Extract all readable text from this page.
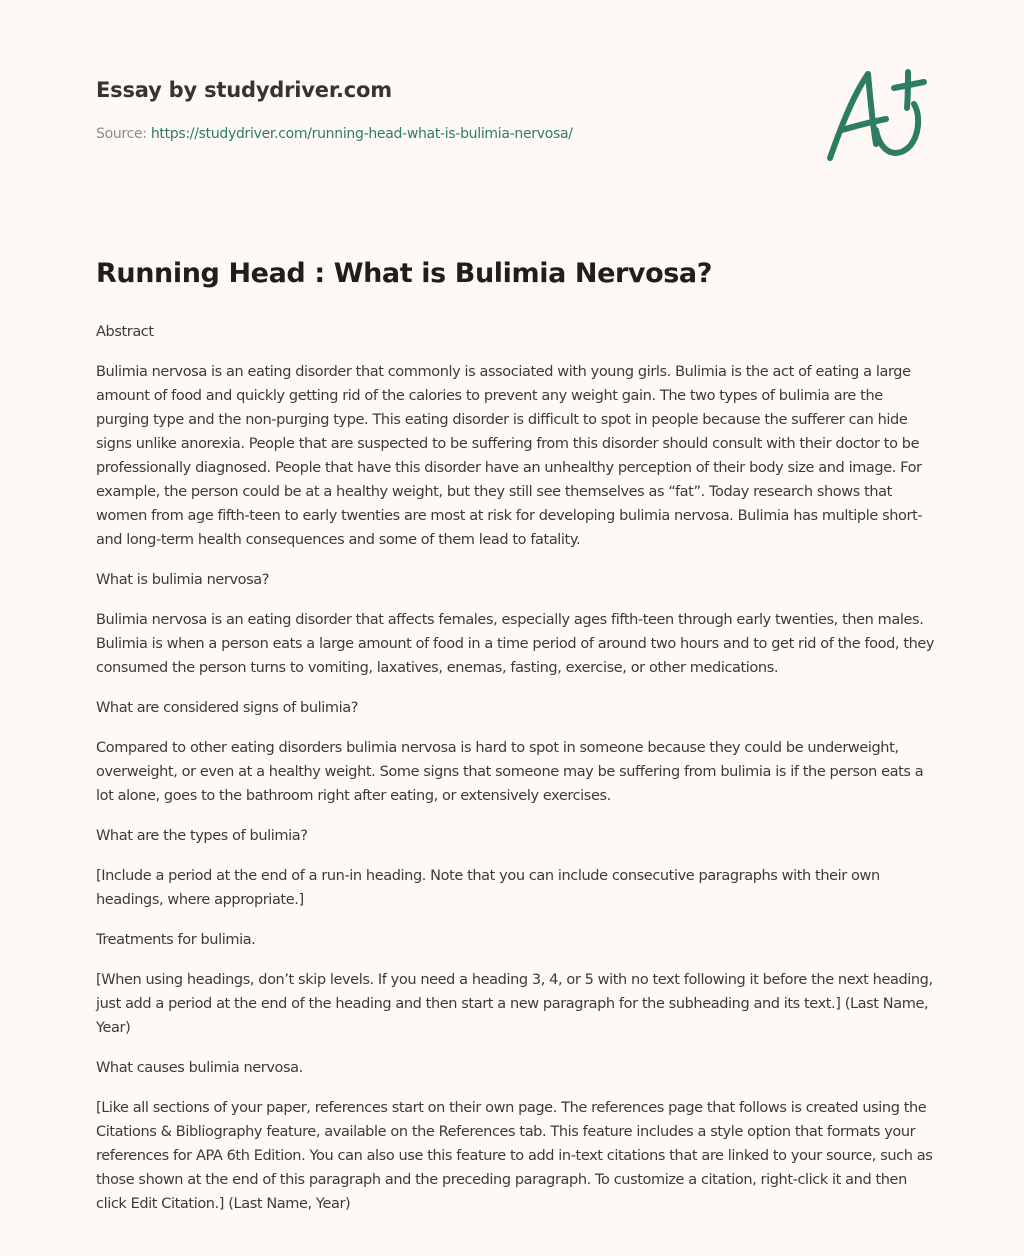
Essay by studydriver.com
Source: https://studydriver.com/running-head-what-is-bulimia-nervosa/
Running Head : What is Bulimia Nervosa?

Abstract

Bulimia nervosa is an eating disorder that commonly is associated with young girls. Bulimia is the act of eating a large amount of food and quickly getting rid of the calories to prevent any weight gain. The two types of bulimia are the purging type and the non-purging type. This eating disorder is difficult to spot in people because the sufferer can hide signs unlike anorexia. People that are suspected to be suffering from this disorder should consult with their doctor to be professionally diagnosed. People that have this disorder have an unhealthy perception of their body size and image. For example, the person could be at a healthy weight, but they still see themselves as “fat”. Today research shows that women from age fifth-teen to early twenties are most at risk for developing bulimia nervosa. Bulimia has multiple short- and long-term health consequences and some of them lead to fatality.

What is bulimia nervosa?

Bulimia nervosa is an eating disorder that affects females, especially ages fifth-teen through early twenties, then males. Bulimia is when a person eats a large amount of food in a time period of around two hours and to get rid of the food, they consumed the person turns to vomiting, laxatives, enemas, fasting, exercise, or other medications.

What are considered signs of bulimia?

Compared to other eating disorders bulimia nervosa is hard to spot in someone because they could be underweight, overweight, or even at a healthy weight. Some signs that someone may be suffering from bulimia is if the person eats a lot alone, goes to the bathroom right after eating, or extensively exercises.

What are the types of bulimia?

[Include a period at the end of a run-in heading. Note that you can include consecutive paragraphs with their own headings, where appropriate.]

Treatments for bulimia.

[When using headings, don’t skip levels. If you need a heading 3, 4, or 5 with no text following it before the next heading, just add a period at the end of the heading and then start a new paragraph for the subheading and its text.] (Last Name, Year)

What causes bulimia nervosa.

[Like all sections of your paper, references start on their own page. The references page that follows is created using the Citations & Bibliography feature, available on the References tab. This feature includes a style option that formats your references for APA 6th Edition. You can also use this feature to add in-text citations that are linked to your source, such as those shown at the end of this paragraph and the preceding paragraph. To customize a citation, right-click it and then click Edit Citation.] (Last Name, Year)
